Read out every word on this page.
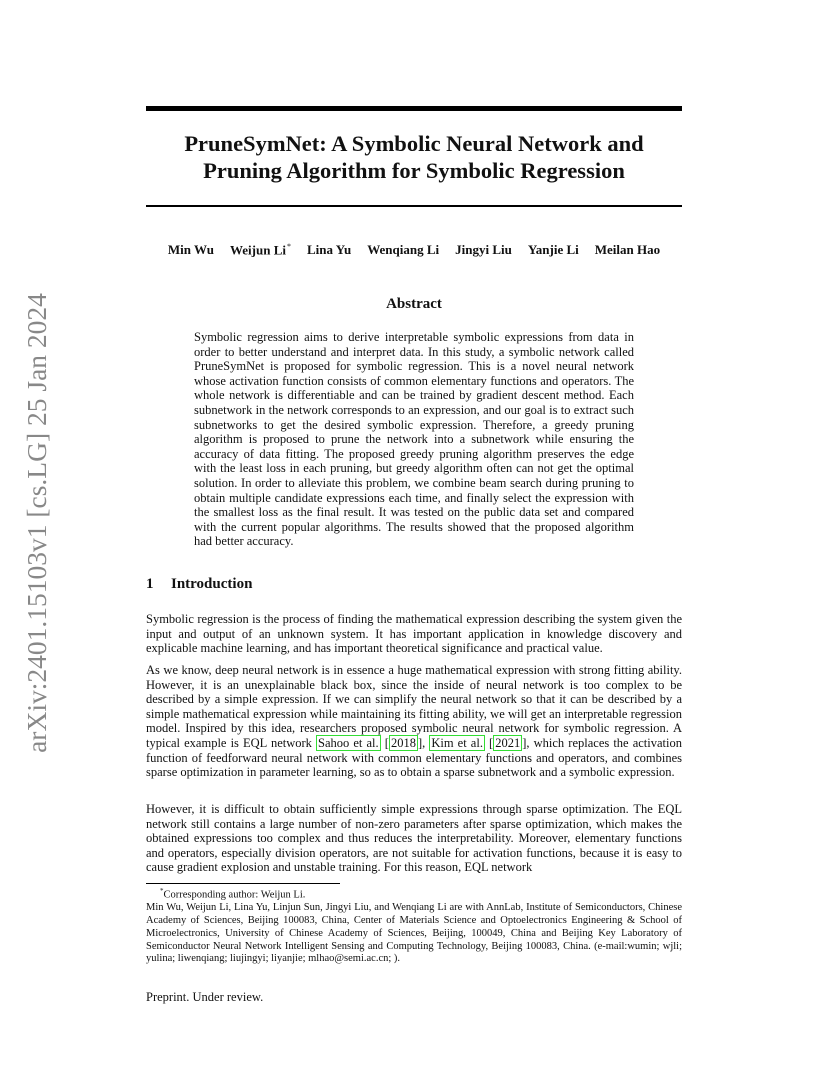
arXiv:2401.15103v1 [cs.LG] 25 Jan 2024
PruneSymNet: A Symbolic Neural Network and
Pruning Algorithm for Symbolic Regression
Min Wu Weijun Li* Lina Yu Wenqiang Li Jingyi Liu Yanjie Li Meilan Hao
Abstract

Symbolic regression aims to derive interpretable symbolic expressions from data in order to better understand and interpret data. In this study, a symbolic network called PruneSymNet is proposed for symbolic regression. This is a novel neural network whose activation function consists of common elementary functions and operators. The whole network is differentiable and can be trained by gradient descent method. Each subnetwork in the network corresponds to an expression, and our goal is to extract such subnetworks to get the desired symbolic expression. Therefore, a greedy pruning algorithm is proposed to prune the network into a subnetwork while ensuring the accuracy of data fitting. The proposed greedy pruning algorithm preserves the edge with the least loss in each pruning, but greedy algorithm often can not get the optimal solution. In order to alleviate this problem, we combine beam search during pruning to obtain multiple candidate expressions each time, and finally select the expression with the smallest loss as the final result. It was tested on the public data set and compared with the current popular algorithms. The results showed that the proposed algorithm had better accuracy.

1 Introduction

Symbolic regression is the process of finding the mathematical expression describing the system given the input and output of an unknown system. It has important application in knowledge discovery and explicable machine learning, and has important theoretical significance and practical value.

As we know, deep neural network is in essence a huge mathematical expression with strong fitting ability. However, it is an unexplainable black box, since the inside of neural network is too complex to be described by a simple expression. If we can simplify the neural network so that it can be described by a simple mathematical expression while maintaining its fitting ability, we will get an interpretable regression model. Inspired by this idea, researchers proposed symbolic neural network for symbolic regression. A typical example is EQL network Sahoo et al. [ 2018 ], Kim et al. [ 2021 ], which replaces the activation function of feedforward neural network with common elementary functions and operators, and combines sparse optimization in parameter learning, so as to obtain a sparse subnetwork and a symbolic expression.

However, it is difficult to obtain sufficiently simple expressions through sparse optimization. The EQL network still contains a large number of non-zero parameters after sparse optimization, which makes the obtained expressions too complex and thus reduces the interpretability. Moreover, elementary functions and operators, especially division operators, are not suitable for activation functions, because it is easy to cause gradient explosion and unstable training. For this reason, EQL network

*Corresponding author: Weijun Li.
Min Wu, Weijun Li, Lina Yu, Linjun Sun, Jingyi Liu, and Wenqiang Li are with AnnLab, Institute of Semiconductors, Chinese Academy of Sciences, Beijing 100083, China, Center of Materials Science and Optoelectronics Engineering & School of Microelectronics, University of Chinese Academy of Sciences, Beijing, 100049, China and Beijing Key Laboratory of Semiconductor Neural Network Intelligent Sensing and Computing Technology, Beijing 100083, China. (e-mail:wumin; wjli; yulina; liwenqiang; liujingyi; liyanjie; mlhao@semi.ac.cn; ).
Preprint. Under review.
